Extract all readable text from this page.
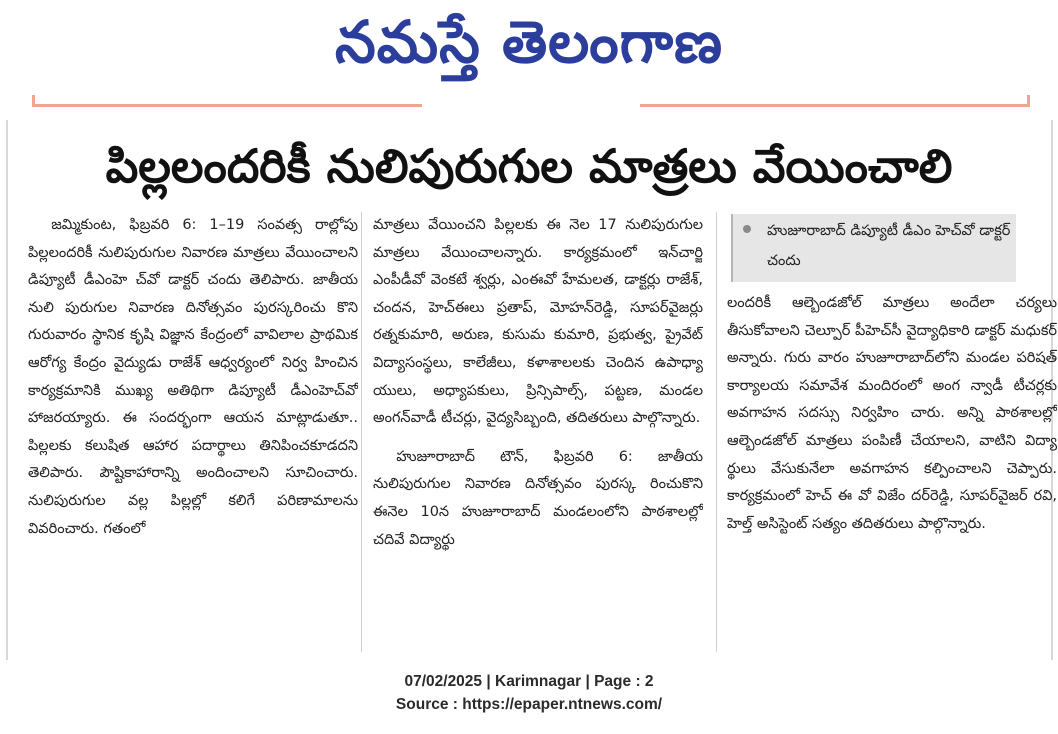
నమస్తే తెలంగాణ
పిల్లలందరికీ నులిపురుగుల మాత్రలు వేయించాలి

జమ్మికుంట, ఫిబ్రవరి 6: 1–19 సంవత్స రాల్లోపు పిల్లలందరికీ నులిపురుగుల నివారణ మాత్రలు వేయించాలని డిప్యూటీ డీఎంహె చ్‌వో డాక్టర్ చందు తెలిపారు. జాతీయ నులి పురుగుల నివారణ దినోత్సవం పురస్కరించు కొని గురువారం స్థానిక కృషి విజ్ఞాన కేంద్రంలో వావిలాల ప్రాథమిక ఆరోగ్య కేంద్రం వైద్యుడు రాజేశ్ ఆధ్వర్యంలో నిర్వ హించిన కార్యక్రమానికి ముఖ్య అతిథిగా డిప్యూటీ డీఎంహెచ్‌వో హాజరయ్యారు. ఈ సందర్భంగా ఆయన మాట్లాడుతూ.. పిల్లలకు కలుషిత ఆహార పదార్థాలు తినిపించకూడదని తెలిపారు. పౌష్టికాహారాన్ని అందించాలని సూచించారు. నులిపురుగుల వల్ల పిల్లల్లో కలిగే పరిణామాలను వివరించారు. గతంలో

మాత్రలు వేయించని పిల్లలకు ఈ నెల 17 నులిపురుగుల మాత్రలు వేయించాలన్నారు. కార్యక్రమంలో ఇన్‌చార్జి ఎంపీడీవో వెంకటే శ్వర్లు, ఎంఈవో హేమలత, డాక్టర్లు రాజేశ్, చందన, హెచ్‌ఈలు ప్రతాప్, మోహన్‌రెడ్డి, సూపర్‌వైజర్లు రత్నకుమారి, అరుణ, కుసుమ కుమారి, ప్రభుత్వ, ప్రైవేట్ విద్యాసంస్థలు, కాలేజీలు, కళాశాలలకు చెందిన ఉపాధ్యా యులు, అధ్యాపకులు, ప్రిన్సిపాల్స్, పట్టణ, మండల అంగన్‌వాడీ టీచర్లు, వైద్యసిబ్బంది, తదితరులు పాల్గొన్నారు.

హుజూరాబాద్ టౌన్, ఫిబ్రవరి 6: జాతీయ నులిపురుగుల నివారణ దినోత్సవం పురస్క రించుకొని ఈనెల 10న హుజూరాబాద్ మండలంలోని పాఠశాలల్లో చదివే విద్యార్థు

హుజూరాబాద్ డిప్యూటీ డీఎం హెచ్‌వో డాక్టర్ చందు

లందరికీ ఆల్బెండజోల్ మాత్రలు అందేలా చర్యలు తీసుకోవాలని చెల్పూర్ పీహెచ్‌సీ వైద్యాధికారి డాక్టర్ మధుకర్ అన్నారు. గురు వారం హుజూరాబాద్‌లోని మండల పరిషత్ కార్యాలయ సమావేశ మందిరంలో అంగ న్వాడీ టీచర్లకు అవగాహన సదస్సు నిర్వహిం చారు. అన్ని పాఠశాలల్లో ఆల్బెండజోల్ మాత్రలు పంపిణీ చేయాలని, వాటిని విద్యా ర్థులు వేసుకునేలా అవగాహన కల్పించాలని చెప్పారు. కార్యక్రమంలో హెచ్ ఈ వో విజేం దర్‌రెడ్డి, సూపర్‌వైజర్ రవి, హెల్త్ అసిస్టెంట్ సత్యం తదితరులు పాల్గొన్నారు.

07/02/2025 | Karimnagar | Page : 2
Source : https://epaper.ntnews.com/
